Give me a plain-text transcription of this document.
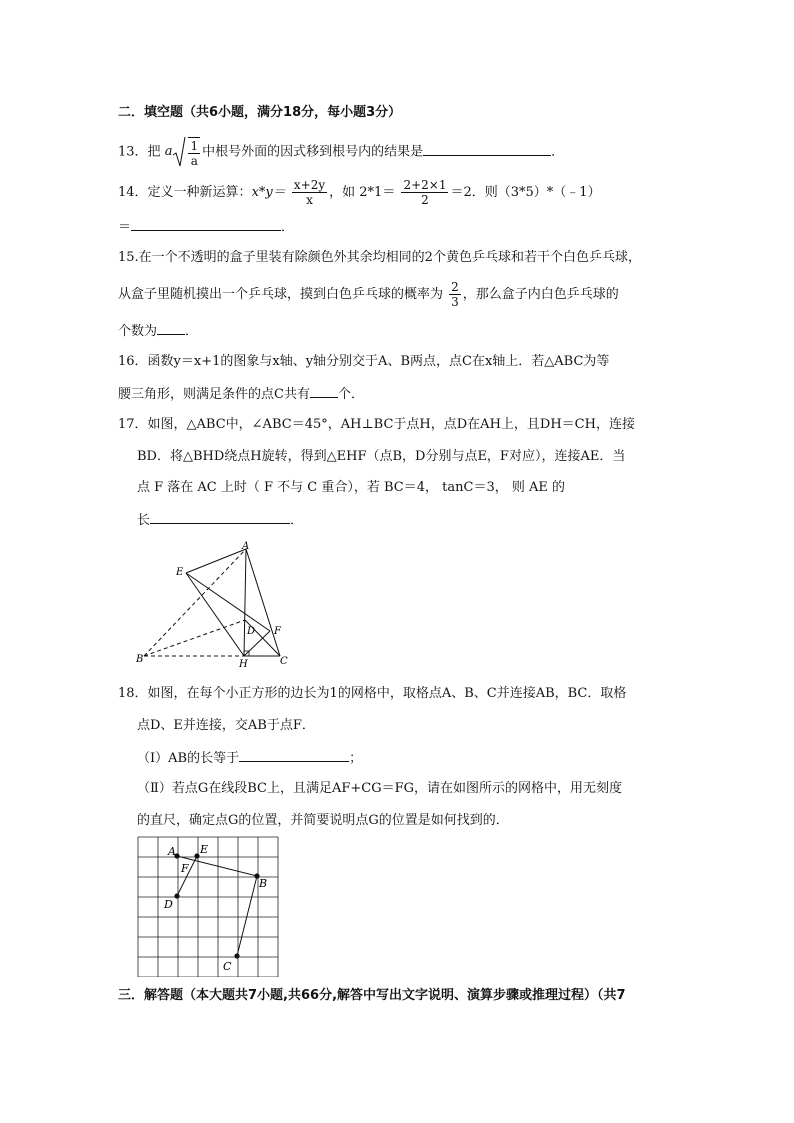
二．填空题（共6小题，满分18分，每小题3分）
13．把 a $\frac{1}{a}$ 中根号外面的因式移到根号内的结果是	．
14．定义一种新运算：$x*y= \frac{x+2y}{x}$ ，如 $2*1= \frac{2+2\times 1}{2} =2$．则（3*5）*（﹣1）
＝	．
15.在一个不透明的盒子里装有除颜色外其余均相同的2个黄色乒乓球和若干个白色乒乓球，
从盒子里随机摸出一个乒乓球，摸到白色乒乓球的概率为 $\frac{2}{3}$ ，那么盒子内白色乒乓球的
个数为 ．
16．函数y＝x+1的图象与x轴、y轴分别交于A、B两点，点C在x轴上．若△ABC为等
腰三角形，则满足条件的点C共有 个．
17．如图，△ABC中，∠ABC＝45°，AH⊥BC于点H，点D在AH上，且DH＝CH，连接
BD．将△BHD绕点H旋转，得到△EHF（点B，D分别与点E，F对应），连接AE．当
点 F 落在 AC 上时（ F 不与 C 重合），若 BC＝4， tanC＝3， 则 AE 的
长	．
A
E
D F
B	H	C
18．如图，在每个小正方形的边长为1的网格中，取格点A、B、C并连接AB，BC．取格
点D、E并连接，交AB于点F．
（Ⅰ）AB的长等于	；
（Ⅱ）若点G在线段BC上，且满足AF+CG＝FG，请在如图所示的网格中，用无刻度
的直尺，确定点G的位置，并简要说明点G的位置是如何找到的．
A E
F
B
D
C
三．解答题（本大题共7小题,共66分,解答中写出文字说明、演算步骤或推理过程）（共7
